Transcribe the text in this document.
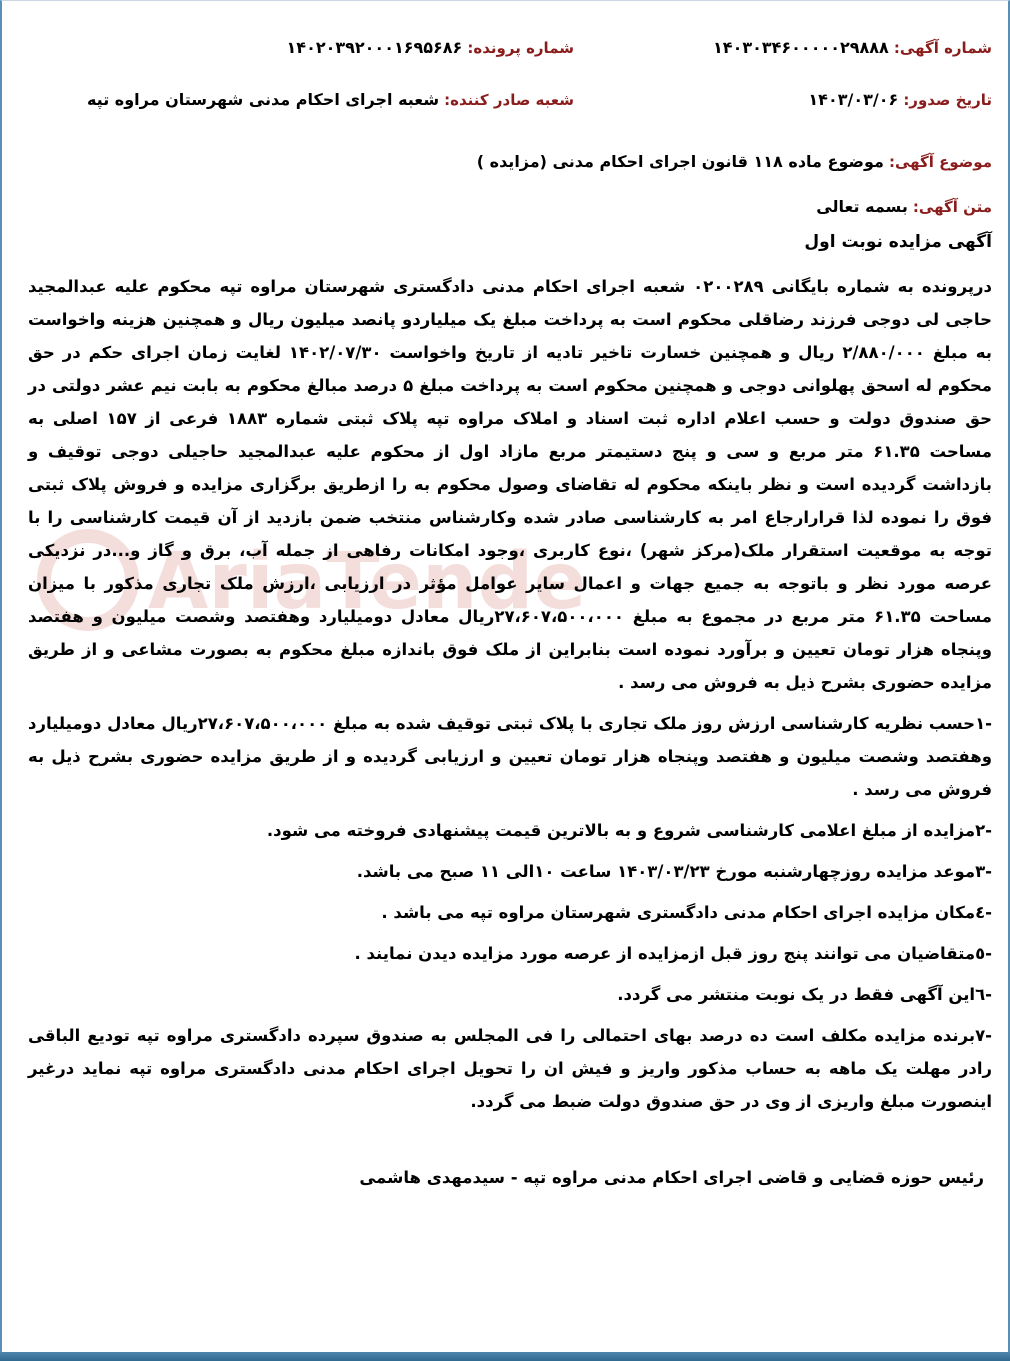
AriaTende
شماره آگهی: ۱۴۰۳۰۳۴۶۰۰۰۰۰۲۹۸۸۸
شماره پرونده: ۱۴۰۲۰۳۹۲۰۰۰۱۶۹۵۶۸۶
تاریخ صدور: ۱۴۰۳/۰۳/۰۶
شعبه صادر کننده: شعبه اجرای احکام مدنی شهرستان مراوه تپه
موضوع آگهی: موضوع ماده ۱۱۸ قانون اجرای احکام مدنی (مزایده )
متن آگهی: بسمه تعالی
آگهی مزایده نوبت اول

درپرونده به شماره بایگانی ۰۲۰۰۲۸۹ شعبه اجرای احکام مدنی دادگستری شهرستان مراوه تپه محکوم علیه عبدالمجید حاجی لی دوجی فرزند رضاقلی محکوم است به پرداخت مبلغ یک میلیاردو پانصد میلیون ریال و همچنین هزینه واخواست به مبلغ ۲/۸۸۰/۰۰۰ ریال و همچنین خسارت تاخیر تادیه از تاریخ واخواست ۱۴۰۲/۰۷/۳۰ لغایت زمان اجرای حکم در حق محکوم له اسحق پهلوانی دوجی و همچنین محکوم است به پرداخت مبلغ ۵ درصد مبالغ محکوم به بابت نیم عشر دولتی در حق صندوق دولت و حسب اعلام اداره ثبت اسناد و املاک مراوه تپه پلاک ثبتی شماره ۱۸۸۳ فرعی از ۱۵۷ اصلی به مساحت ۶۱.۳۵ متر مربع و سی و پنج دستیمتر مربع مازاد اول از محکوم علیه عبدالمجید حاجیلی دوجی توقیف و بازداشت گردیده است و نظر باینکه محکوم له تقاضای وصول محکوم به را ازطریق برگزاری مزایده و فروش پلاک ثبتی فوق را نموده لذا قرارارجاع امر به کارشناسی صادر شده وکارشناس منتخب ضمن بازدید از آن قیمت کارشناسی را با توجه به موقعیت استقرار ملک(مرکز شهر) ،نوع کاربری ،وجود امکانات رفاهی از جمله آب، برق و گاز و...در نزدیکی عرصه مورد نظر و باتوجه به جمیع جهات و اعمال سایر عوامل مؤثر در ارزیابی ،ارزش ملک تجاری مذکور با میزان مساحت ۶۱.۳۵ متر مربع در مجموع به مبلغ ۲۷،۶۰۷،۵۰۰،۰۰۰ریال معادل دومیلیارد وهفتصد وشصت میلیون و هفتصد وپنجاه هزار تومان تعیین و برآورد نموده است بنابراین از ملک فوق باندازه مبلغ محکوم به بصورت مشاعی و از طریق مزایده حضوری بشرح ذیل به فروش می رسد .

-۱حسب نظریه کارشناسی ارزش روز ملک تجاری با پلاک ثبتی توقیف شده به مبلغ ۲۷،۶۰۷،۵۰۰،۰۰۰ریال معادل دومیلیارد وهفتصد وشصت میلیون و هفتصد وپنجاه هزار تومان تعیین و ارزیابی گردیده و از طریق مزایده حضوری بشرح ذیل به فروش می رسد .

-۲مزایده از مبلغ اعلامی کارشناسی شروع و به بالاترین قیمت پیشنهادی فروخته می شود.

-۳موعد مزایده روزچهارشنبه مورخ ۱۴۰۳/۰۳/۲۳ ساعت ۱۰الی ۱۱ صبح می باشد.

-٤مکان مزایده اجرای احکام مدنی دادگستری شهرستان مراوه تپه می باشد .

-٥متقاضیان می توانند پنج روز قبل ازمزایده از عرصه مورد مزایده دیدن نمایند .

-٦این آگهی فقط در یک نوبت منتشر می گردد.

-۷برنده مزایده مکلف است ده درصد بهای احتمالی را فی المجلس به صندوق سپرده دادگستری مراوه تپه تودیع الباقی رادر مهلت یک ماهه به حساب مذکور واریز و فیش ان را تحویل اجرای احکام مدنی دادگستری مراوه تپه نماید درغیر اینصورت مبلغ واریزی از وی در حق صندوق دولت ضبط می گردد.

رئیس حوزه قضایی و قاضی اجرای احکام مدنی مراوه تپه - سیدمهدی هاشمی
